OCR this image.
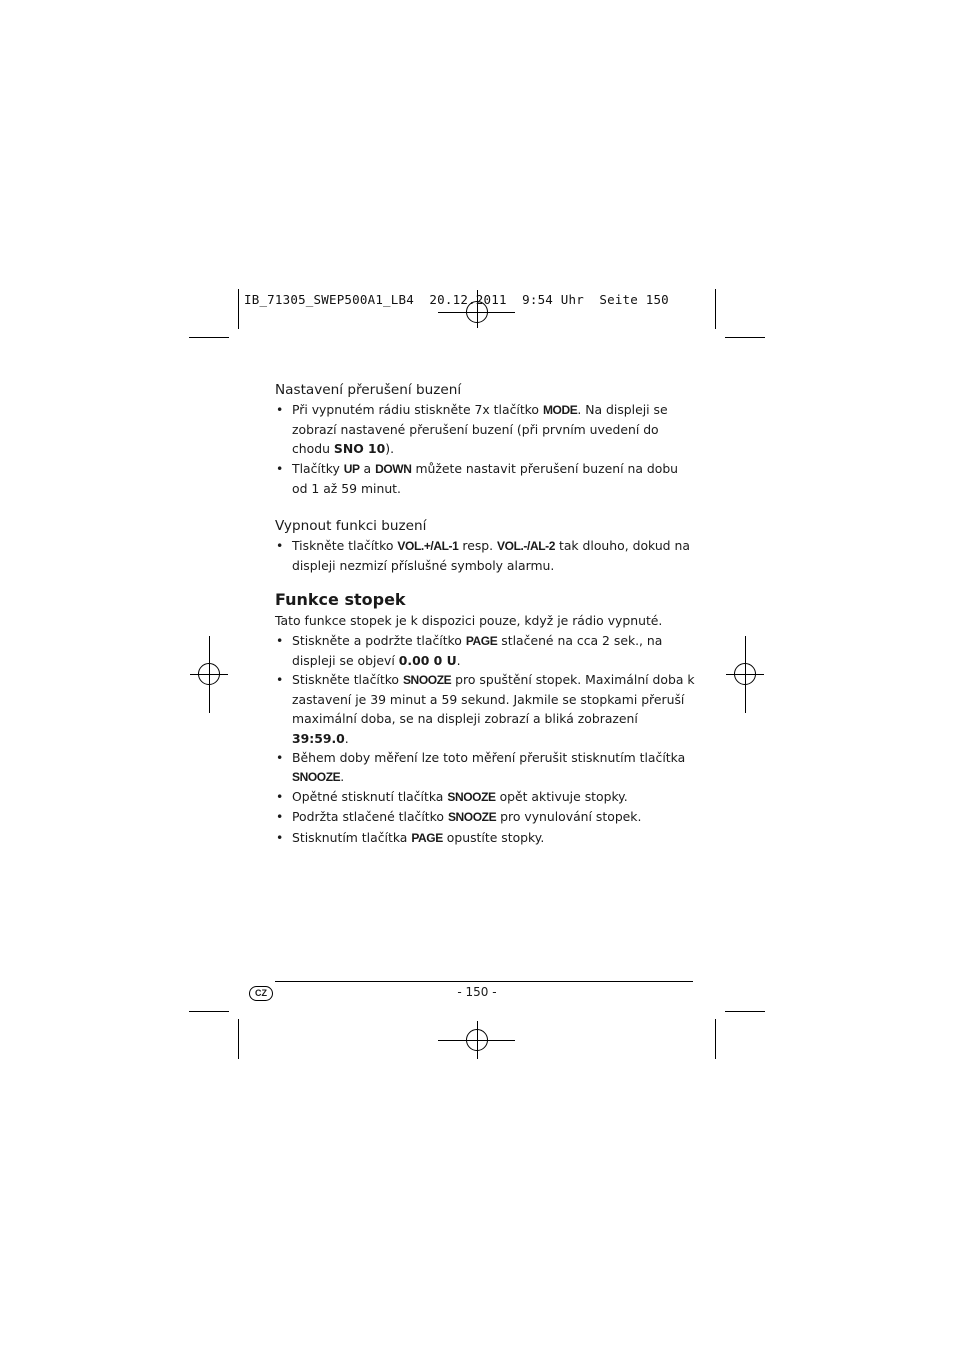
IB_71305_SWEP500A1_LB4  20.12.2011  9:54 Uhr  Seite 150
Nastavení přerušení buzení
• Při vypnutém rádiu stiskněte 7x tlačítko MODE. Na displeji se zobrazí nastavené přerušení buzení (při prvním uvedení do chodu SNO 10).
• Tlačítky UP a DOWN můžete nastavit přerušení buzení na dobu od 1 až 59 minut.
Vypnout funkci buzení
• Tiskněte tlačítko VOL.+/AL-1 resp. VOL.-/AL-2 tak dlouho, dokud na displeji nezmizí příslušné symboly alarmu.
Funkce stopek

Tato funkce stopek je k dispozici pouze, když je rádio vypnuté.

• Stiskněte a podržte tlačítko PAGE stlačené na cca 2 sek., na displeji se objeví 0.00 0 U.
• Stiskněte tlačítko SNOOZE pro spuštění stopek. Maximální doba k zastavení je 39 minut a 59 sekund. Jakmile se stopkami přeruší maximální doba, se na displeji zobrazí a bliká zobrazení 39:59.0.
• Během doby měření lze toto měření přerušit stisknutím tlačítka SNOOZE.
• Opětné stisknutí tlačítka SNOOZE opět aktivuje stopky.
• Podržta stlačené tlačítko SNOOZE pro vynulování stopek.
• Stisknutím tlačítka PAGE opustíte stopky.
CZ	- 150 -
